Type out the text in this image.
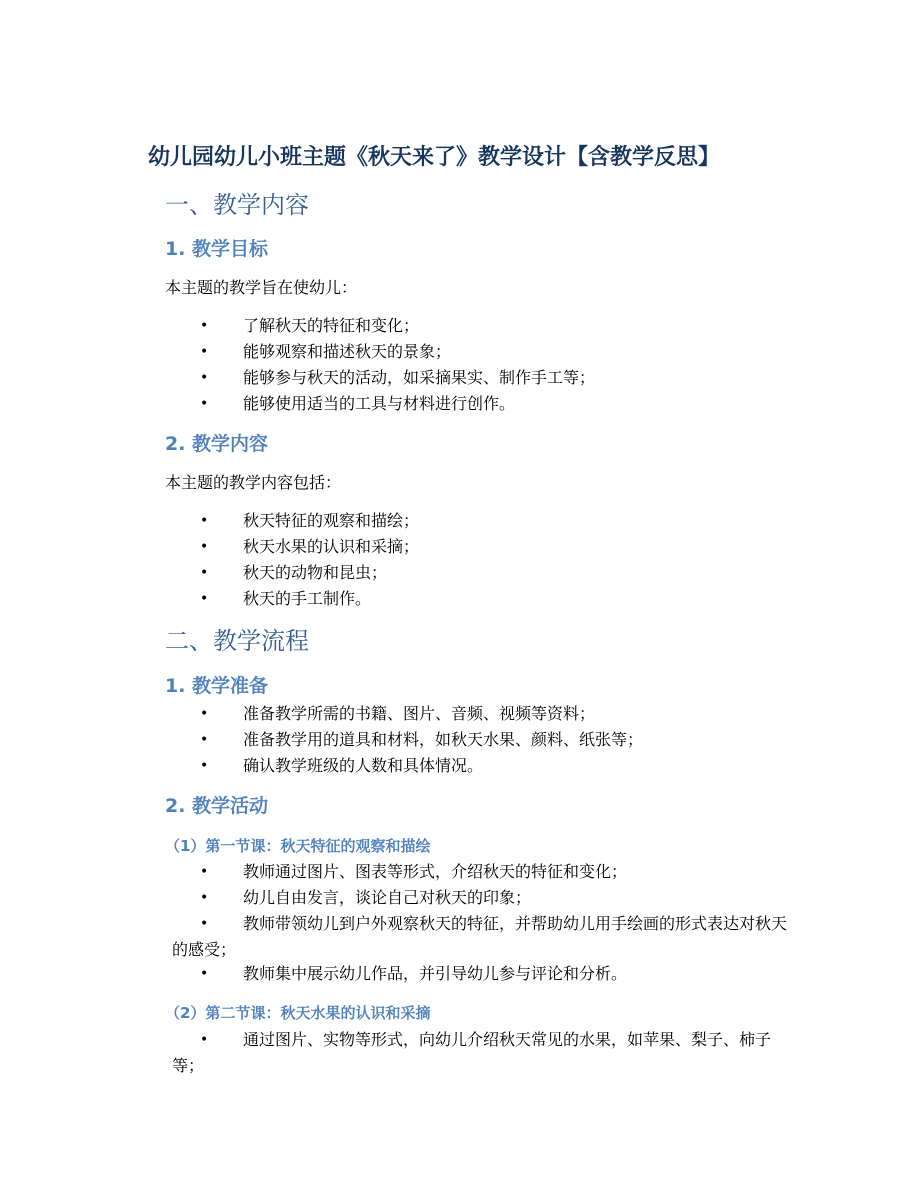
幼儿园幼儿小班主题《秋天来了》教学设计【含教学反思】
一、教学内容
1. 教学目标
本主题的教学旨在使幼儿：
•	了解秋天的特征和变化；
•	能够观察和描述秋天的景象；
•	能够参与秋天的活动，如采摘果实、制作手工等；
•	能够使用适当的工具与材料进行创作。
2. 教学内容
本主题的教学内容包括：
•	秋天特征的观察和描绘；
•	秋天水果的认识和采摘；
•	秋天的动物和昆虫；
•	秋天的手工制作。
二、教学流程
1. 教学准备
•	准备教学所需的书籍、图片、音频、视频等资料；
•	准备教学用的道具和材料，如秋天水果、颜料、纸张等；
•	确认教学班级的人数和具体情况。
2. 教学活动
（1）第一节课：秋天特征的观察和描绘
•	教师通过图片、图表等形式，介绍秋天的特征和变化；
•	幼儿自由发言，谈论自己对秋天的印象；
•	教师带领幼儿到户外观察秋天的特征，并帮助幼儿用手绘画的形式表达对秋天的感受；
•	教师集中展示幼儿作品，并引导幼儿参与评论和分析。
（2）第二节课：秋天水果的认识和采摘
•	通过图片、实物等形式，向幼儿介绍秋天常见的水果，如苹果、梨子、柿子等；
